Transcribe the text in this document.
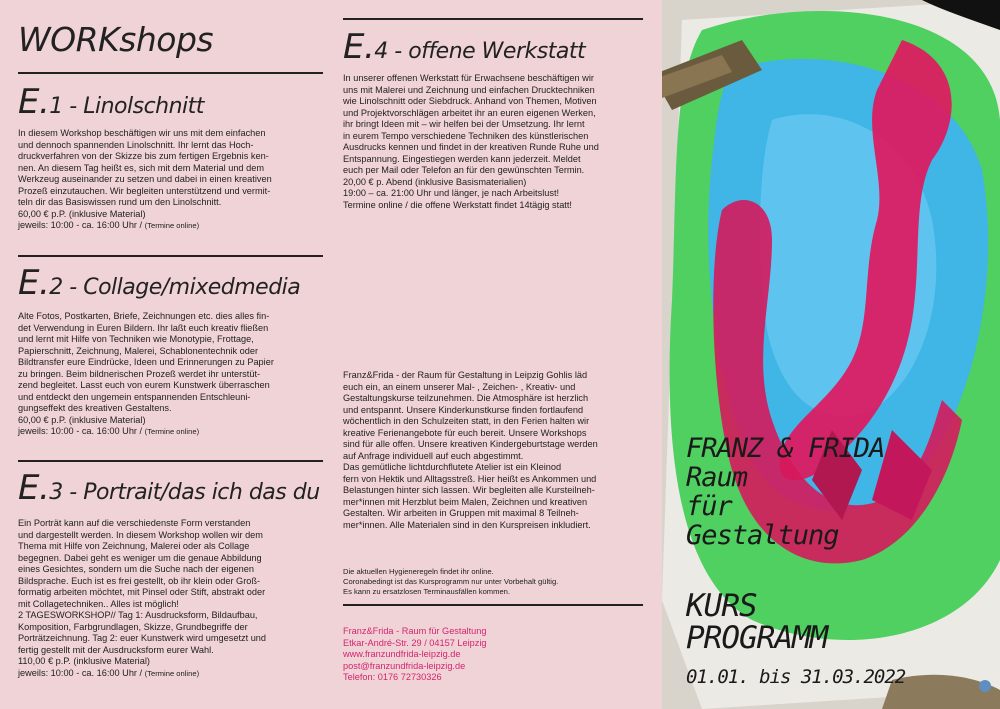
WORKshops
E.1 - Linolschnitt

In diesem Workshop beschäftigen wir uns mit dem einfachen

und dennoch spannenden Linolschnitt. Ihr lernt das Hoch-

druckverfahren von der Skizze bis zum fertigen Ergebnis ken-

nen. An diesem Tag heißt es, sich mit dem Material und dem

Werkzeug auseinander zu setzen und dabei in einen kreativen

Prozeß einzutauchen. Wir begleiten unterstützend und vermit-

teln dir das Basiswissen rund um den Linolschnitt.

60,00 € p.P. (inklusive Material)

jeweils: 10:00 - ca. 16:00 Uhr / (Termine online)

E.2 - Collage/mixedmedia

Alte Fotos, Postkarten, Briefe, Zeichnungen etc. dies alles fin-

det Verwendung in Euren Bildern. Ihr laßt euch kreativ fließen

und lernt mit Hilfe von Techniken wie Monotypie, Frottage,

Papierschnitt, Zeichnung, Malerei, Schablonentechnik oder

Bildtransfer eure Eindrücke, Ideen und Erinnerungen zu Papier

zu bringen. Beim bildnerischen Prozeß werdet ihr unterstüt-

zend begleitet. Lasst euch von eurem Kunstwerk überraschen

und entdeckt den ungemein entspannenden Entschleuni-

gungseffekt des kreativen Gestaltens.

60,00 € p.P. (inklusive Material)

jeweils: 10:00 - ca. 16:00 Uhr / (Termine online)

E.3 - Portrait/das ich das du

Ein Porträt kann auf die verschiedenste Form verstanden

und dargestellt werden. In diesem Workshop wollen wir dem

Thema mit Hilfe von Zeichnung, Malerei oder als Collage

begegnen. Dabei geht es weniger um die genaue Abbildung

eines Gesichtes, sondern um die Suche nach der eigenen

Bildsprache. Euch ist es frei gestellt, ob ihr klein oder Groß-

formatig arbeiten möchtet, mit Pinsel oder Stift, abstrakt oder

mit Collagetechniken.. Alles ist möglich!

2 TAGESWORKSHOP// Tag 1: Ausdrucksform, Bildaufbau,

Komposition, Farbgrundlagen, Skizze, Grundbegriffe der

Porträtzeichnung. Tag 2: euer Kunstwerk wird umgesetzt und

fertig gestellt mit der Ausdrucksform eurer Wahl.

110,00 € p.P. (inklusive Material)

jeweils: 10:00 - ca. 16:00 Uhr / (Termine online)

E.4 - offene Werkstatt

In unserer offenen Werkstatt für Erwachsene beschäftigen wir

uns mit Malerei und Zeichnung und einfachen Drucktechniken

wie Linolschnitt oder Siebdruck. Anhand von Themen, Motiven

und Projektvorschlägen arbeitet ihr an euren eigenen Werken,

ihr bringt Ideen mit – wir helfen bei der Umsetzung. Ihr lernt

in eurem Tempo verschiedene Techniken des künstlerischen

Ausdrucks kennen und findet in der kreativen Runde Ruhe und

Entspannung. Eingestiegen werden kann jederzeit. Meldet

euch per Mail oder Telefon an für den gewünschten Termin.

20,00 € p. Abend (inklusive Basismaterialien)

19:00 – ca. 21:00 Uhr und länger, je nach Arbeitslust!

Termine online / die offene Werkstatt findet 14tägig statt!

Franz&Frida - der Raum für Gestaltung in Leipzig Gohlis läd

euch ein, an einem unserer Mal- , Zeichen- , Kreativ- und

Gestaltungskurse teilzunehmen. Die Atmosphäre ist herzlich

und entspannt. Unsere Kinderkunstkurse finden fortlaufend

wöchentlich in den Schulzeiten statt, in den Ferien halten wir

kreative Ferienangebote für euch bereit. Unsere Workshops

sind für alle offen. Unsere kreativen Kindergeburtstage werden

auf Anfrage individuell auf euch abgestimmt.

Das gemütliche lichtdurchflutete Atelier ist ein Kleinod

fern von Hektik und Alltagsstreß. Hier heißt es Ankommen und

Belastungen hinter sich lassen. Wir begleiten alle Kursteilneh-

mer*innen mit Herzblut beim Malen, Zeichnen und kreativen

Gestalten. Wir arbeiten in Gruppen mit maximal 8 Teilneh-

mer*innen. Alle Materialen sind in den Kurspreisen inkludiert.

Die aktuellen Hygieneregeln findet ihr online.

Coronabedingt ist das Kursprogramm nur unter Vorbehalt gültig.

Es kann zu ersatzlosen Terminausfällen kommen.

Franz&Frida - Raum für Gestaltung

Etkar-André-Str. 29 / 04157 Leipzig

www.franzundfrida-leipzig.de

post@franzundfrida-leipzig.de

Telefon: 0176 72730326

FRANZ & FRIDA
Raum
für
Gestaltung
KURS
PROGRAMM
01.01. bis 31.03.2022
